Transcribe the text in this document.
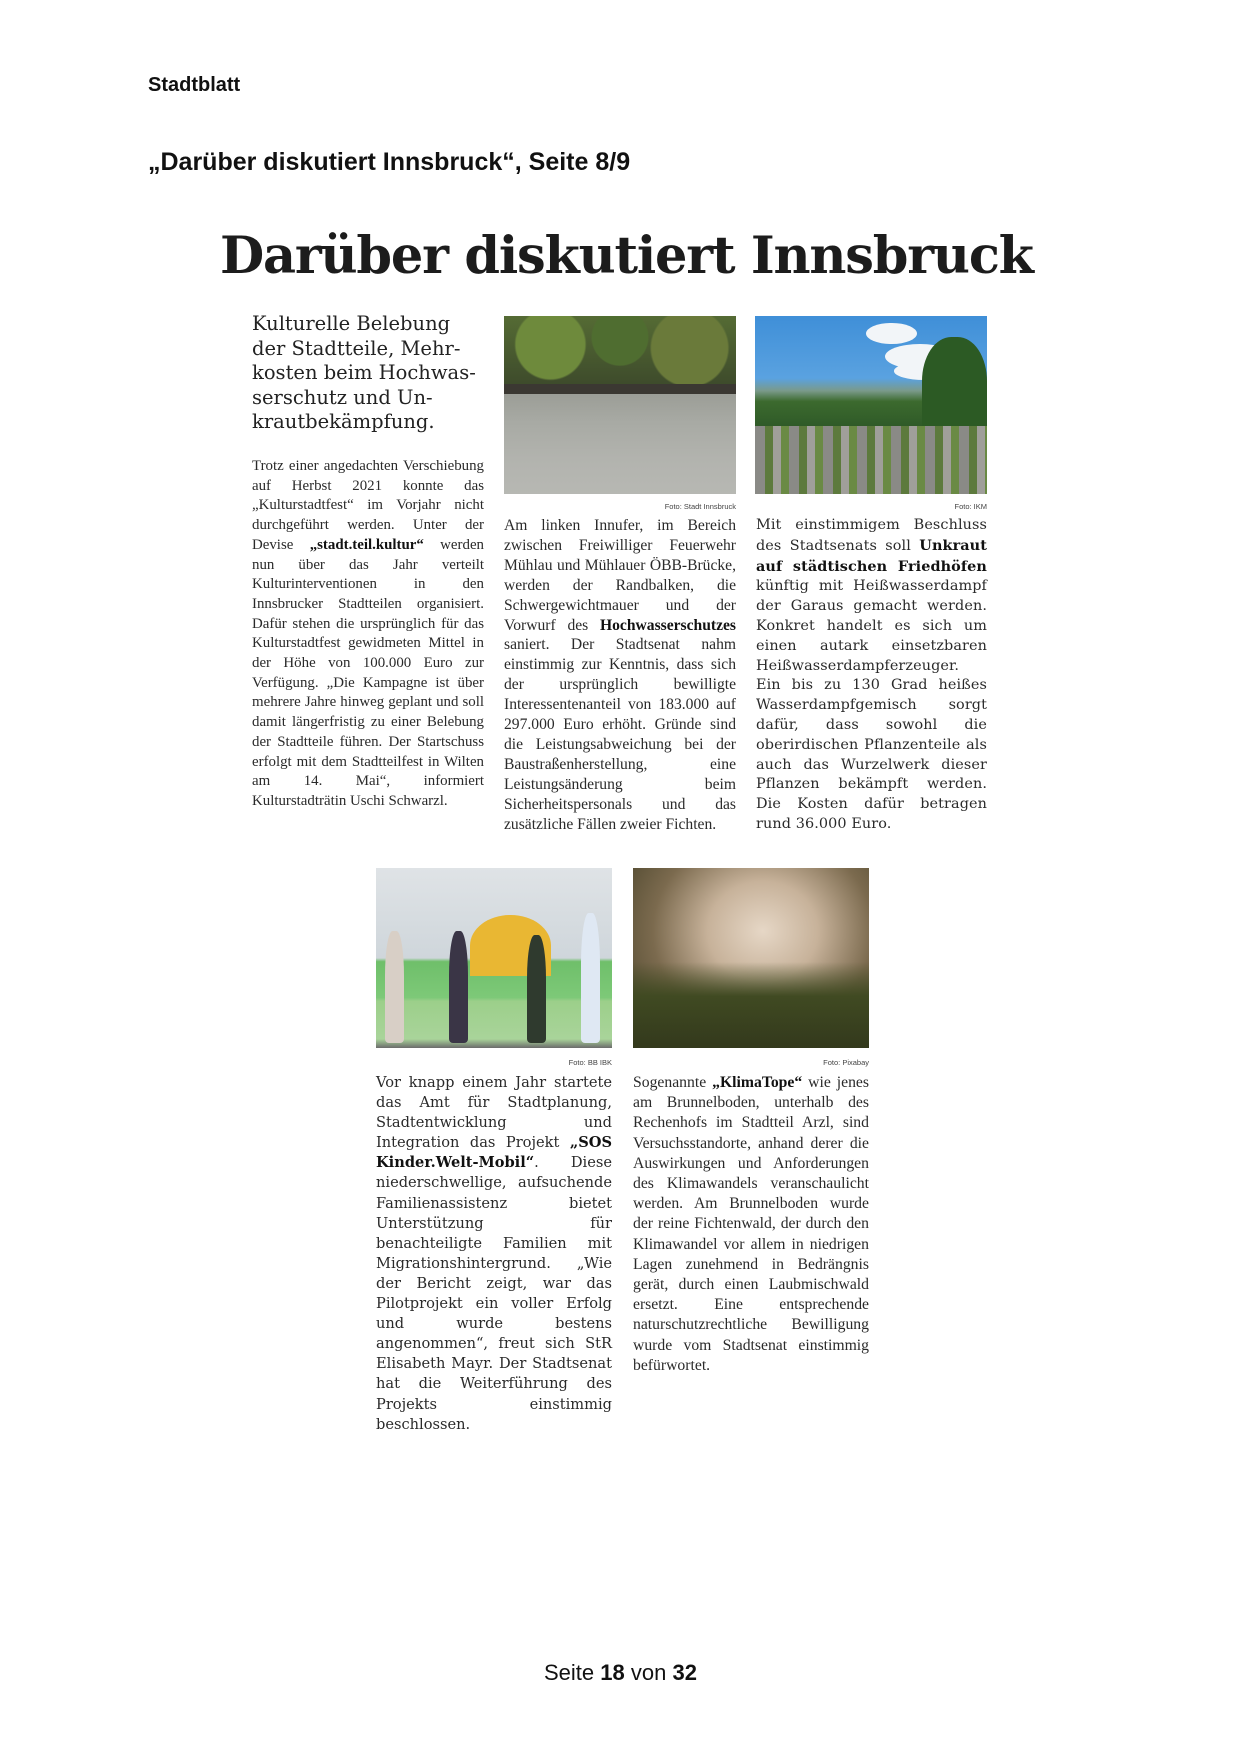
Stadtblatt
„Darüber diskutiert Innsbruck“, Seite 8/9
Darüber diskutiert Innsbruck
Kulturelle Belebung der Stadtteile, Mehr-kosten beim Hochwas-serschutz und Un-krautbekämpfung.
Trotz einer angedachten Verschiebung auf Herbst 2021 konnte das „Kulturstadtfest“ im Vorjahr nicht durchgeführt werden. Unter der Devise „stadt.teil.kultur“ werden nun über das Jahr verteilt Kulturinterventionen in den Innsbrucker Stadtteilen organisiert. Dafür stehen die ursprünglich für das Kulturstadtfest gewidmeten Mittel in der Höhe von 100.000 Euro zur Verfügung. „Die Kampagne ist über mehrere Jahre hinweg geplant und soll damit längerfristig zu einer Belebung der Stadtteile führen. Der Startschuss erfolgt mit dem Stadtteilfest in Wilten am 14. Mai“, informiert Kulturstadträtin Uschi Schwarzl.
Foto: Stadt Innsbruck
Am linken Innufer, im Bereich zwischen Freiwilliger Feuerwehr Mühlau und Mühlauer ÖBB-Brücke, werden der Randbalken, die Schwergewichtmauer und der Vorwurf des Hochwasserschutzes saniert. Der Stadtsenat nahm einstimmig zur Kenntnis, dass sich der ursprünglich bewilligte Interessentenanteil von 183.000 auf 297.000 Euro erhöht. Gründe sind die Leistungsabweichung bei der Baustraßenherstellung, eine Leistungsänderung beim Sicherheitspersonals und das zusätzliche Fällen zweier Fichten.
Foto: IKM
Mit einstimmigem Beschluss des Stadtsenats soll Unkraut auf städtischen Friedhöfen künftig mit Heißwasserdampf der Garaus gemacht werden. Konkret handelt es sich um einen autark einsetzbaren Heißwasserdampferzeuger. Ein bis zu 130 Grad heißes Wasserdampfgemisch sorgt dafür, dass sowohl die oberirdischen Pflanzenteile als auch das Wurzelwerk dieser Pflanzen bekämpft werden. Die Kosten dafür betragen rund 36.000 Euro.
Foto: BB IBK
Vor knapp einem Jahr startete das Amt für Stadtplanung, Stadtentwicklung und Integration das Projekt „SOS Kinder.Welt-Mobil“. Diese niederschwellige, aufsuchende Familienassistenz bietet Unterstützung für benachteiligte Familien mit Migrationshintergrund. „Wie der Bericht zeigt, war das Pilotprojekt ein voller Erfolg und wurde bestens angenommen“, freut sich StR Elisabeth Mayr. Der Stadtsenat hat die Weiterführung des Projekts einstimmig beschlossen.
Foto: Pixabay
Sogenannte „KlimaTope“ wie jenes am Brunnelboden, unterhalb des Rechenhofs im Stadtteil Arzl, sind Versuchsstandorte, anhand derer die Auswirkungen und Anforderungen des Klimawandels veranschaulicht werden. Am Brunnelboden wurde der reine Fichtenwald, der durch den Klimawandel vor allem in niedrigen Lagen zunehmend in Bedrängnis gerät, durch einen Laubmischwald ersetzt. Eine entsprechende naturschutzrechtliche Bewilligung wurde vom Stadtsenat einstimmig befürwortet.
Seite 18 von 32
